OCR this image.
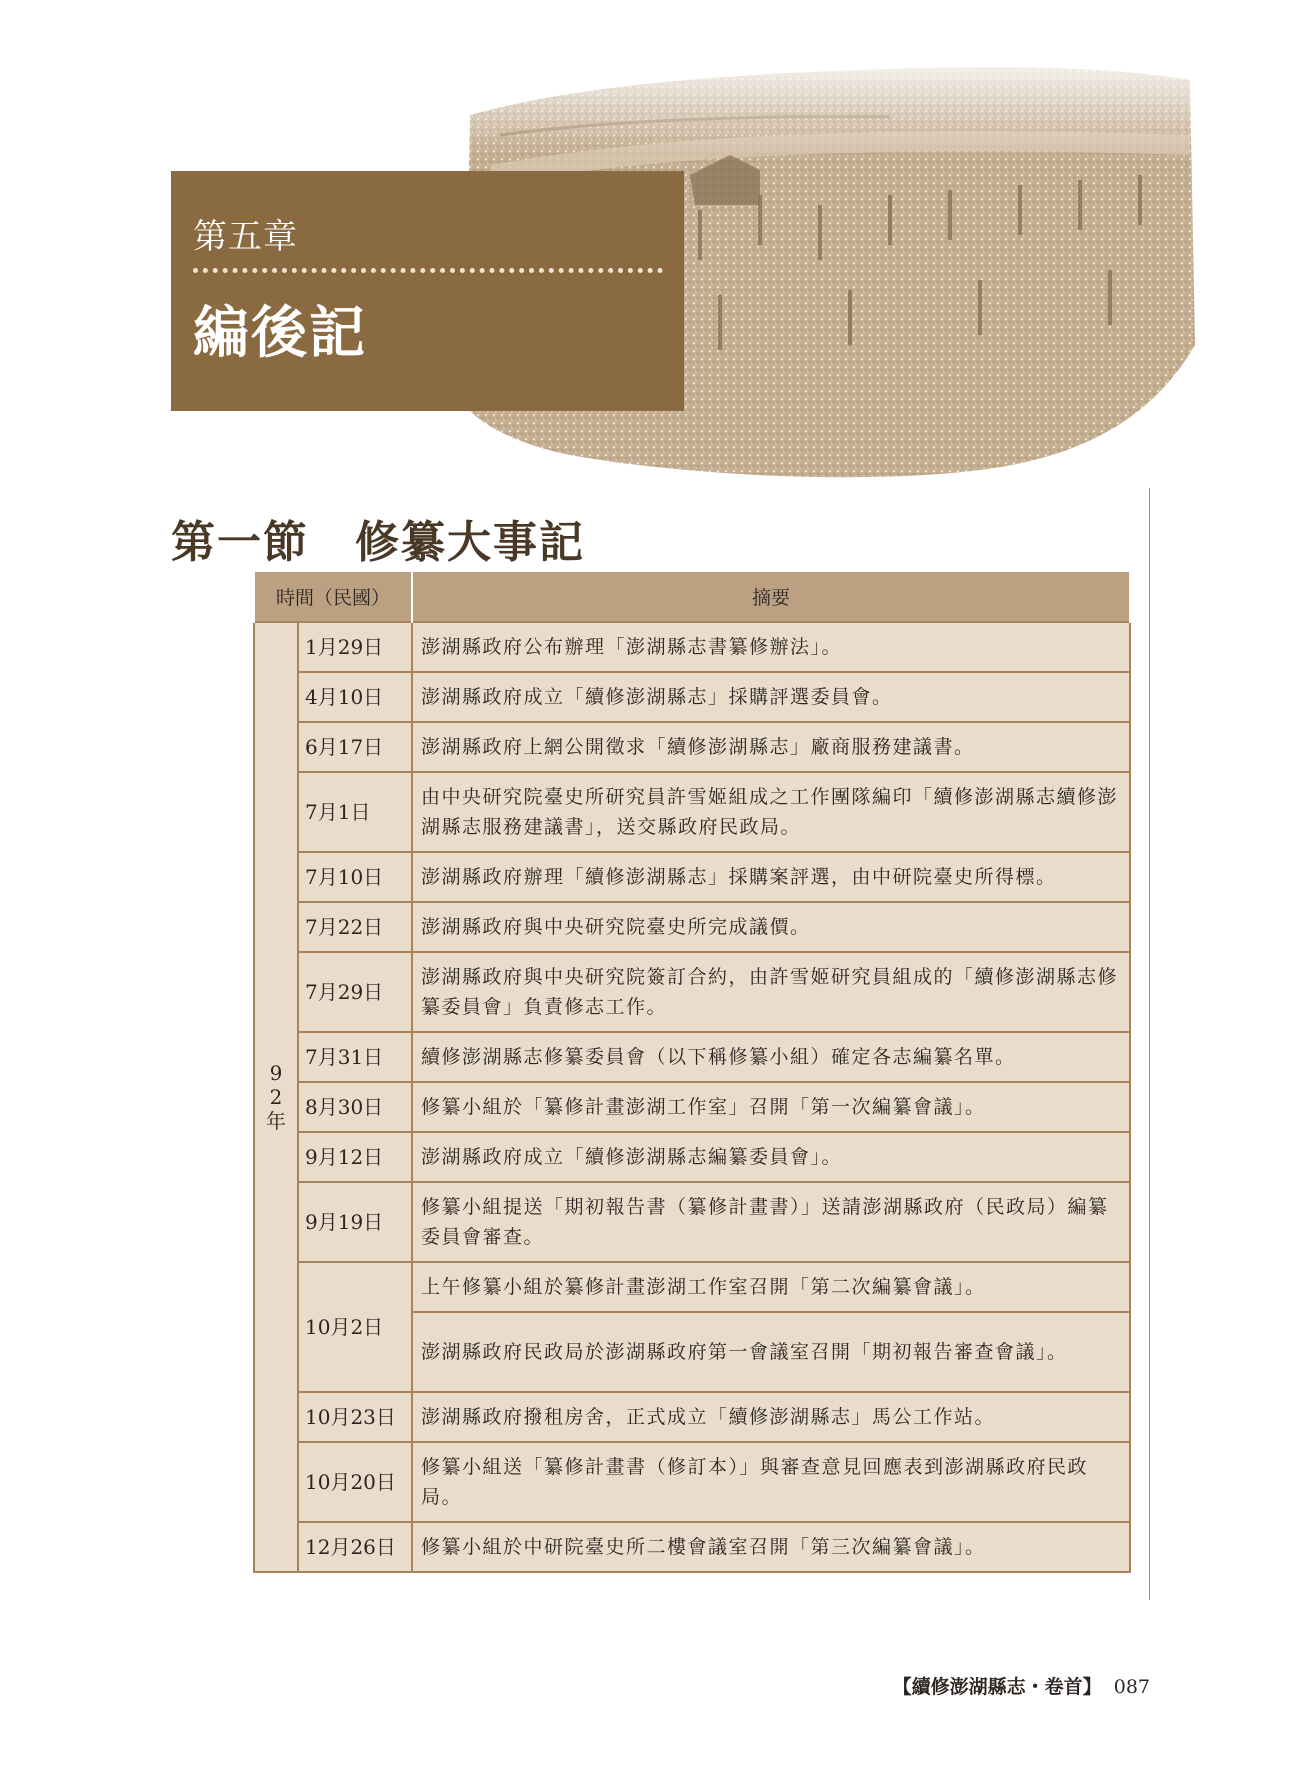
第五章
編後記
第一節　修纂大事記
時間（民國）		摘要
92年	1月29日	澎湖縣政府公布辦理「澎湖縣志書纂修辦法」。
	4月10日	澎湖縣政府成立「續修澎湖縣志」採購評選委員會。
	6月17日	澎湖縣政府上網公開徵求「續修澎湖縣志」廠商服務建議書。
	7月1日	由中央研究院臺史所研究員許雪姬組成之工作團隊編印「續修澎湖縣志續修澎湖縣志服務建議書」，送交縣政府民政局。
	7月10日	澎湖縣政府辦理「續修澎湖縣志」採購案評選，由中研院臺史所得標。
	7月22日	澎湖縣政府與中央研究院臺史所完成議價。
	7月29日	澎湖縣政府與中央研究院簽訂合約，由許雪姬研究員組成的「續修澎湖縣志修纂委員會」負責修志工作。
	7月31日	續修澎湖縣志修纂委員會（以下稱修纂小組）確定各志編纂名單。
	8月30日	修纂小組於「纂修計畫澎湖工作室」召開「第一次編纂會議」。
	9月12日	澎湖縣政府成立「續修澎湖縣志編纂委員會」。
	9月19日	修纂小組提送「期初報告書（纂修計畫書）」送請澎湖縣政府（民政局）編纂委員會審查。
	10月2日	上午修纂小組於纂修計畫澎湖工作室召開「第二次編纂會議」。
		澎湖縣政府民政局於澎湖縣政府第一會議室召開「期初報告審查會議」。
	10月23日	澎湖縣政府撥租房舍，正式成立「續修澎湖縣志」馬公工作站。
	10月20日	修纂小組送「纂修計畫書（修訂本）」與審查意見回應表到澎湖縣政府民政局。
	12月26日	修纂小組於中研院臺史所二樓會議室召開「第三次編纂會議」。
【續修澎湖縣志・卷首】 087
